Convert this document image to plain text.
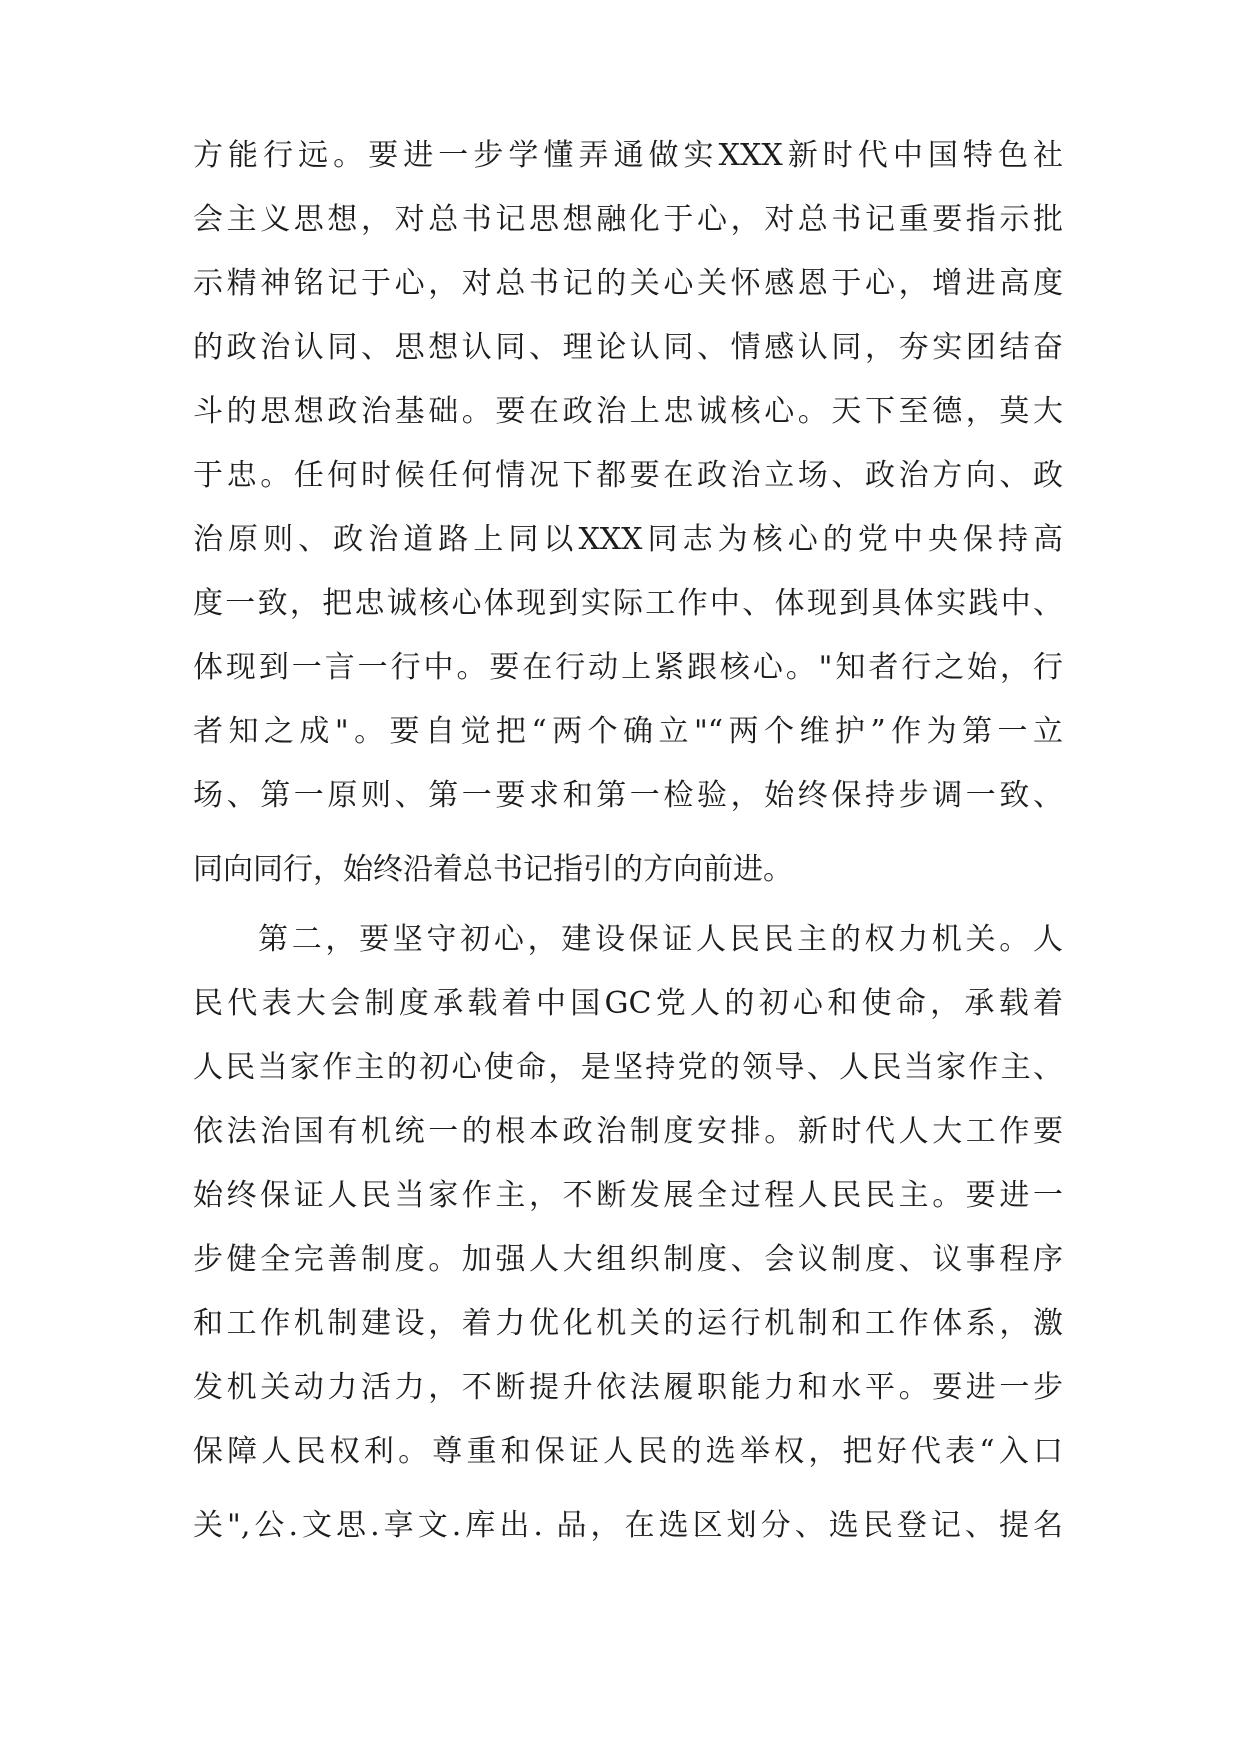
方能行远。要进一步学懂弄通做实XXX新时代中国特色社
会主义思想，对总书记思想融化于心，对总书记重要指示批
示精神铭记于心，对总书记的关心关怀感恩于心，增进高度
的政治认同、思想认同、理论认同、情感认同，夯实团结奋
斗的思想政治基础。要在政治上忠诚核心。天下至德，莫大
于忠。任何时候任何情况下都要在政治立场、政治方向、政
治原则、政治道路上同以XXX同志为核心的党中央保持高
度一致，把忠诚核心体现到实际工作中、体现到具体实践中、
体现到一言一行中。要在行动上紧跟核心。"知者行之始，行
者知之成"。要自觉把“两个确立"“两个维护”作为第一立
场、第一原则、第一要求和第一检验，始终保持步调一致、
同向同行，始终沿着总书记指引的方向前进。
第二，要坚守初心，建设保证人民民主的权力机关。人
民代表大会制度承载着中国GC党人的初心和使命，承载着
人民当家作主的初心使命，是坚持党的领导、人民当家作主、
依法治国有机统一的根本政治制度安排。新时代人大工作要
始终保证人民当家作主，不断发展全过程人民民主。要进一
步健全完善制度。加强人大组织制度、会议制度、议事程序
和工作机制建设，着力优化机关的运行机制和工作体系，激
发机关动力活力，不断提升依法履职能力和水平。要进一步
保障人民权利。尊重和保证人民的选举权，把好代表“入口
关",公.文思.享文.库出. 品，在选区划分、选民登记、提名
